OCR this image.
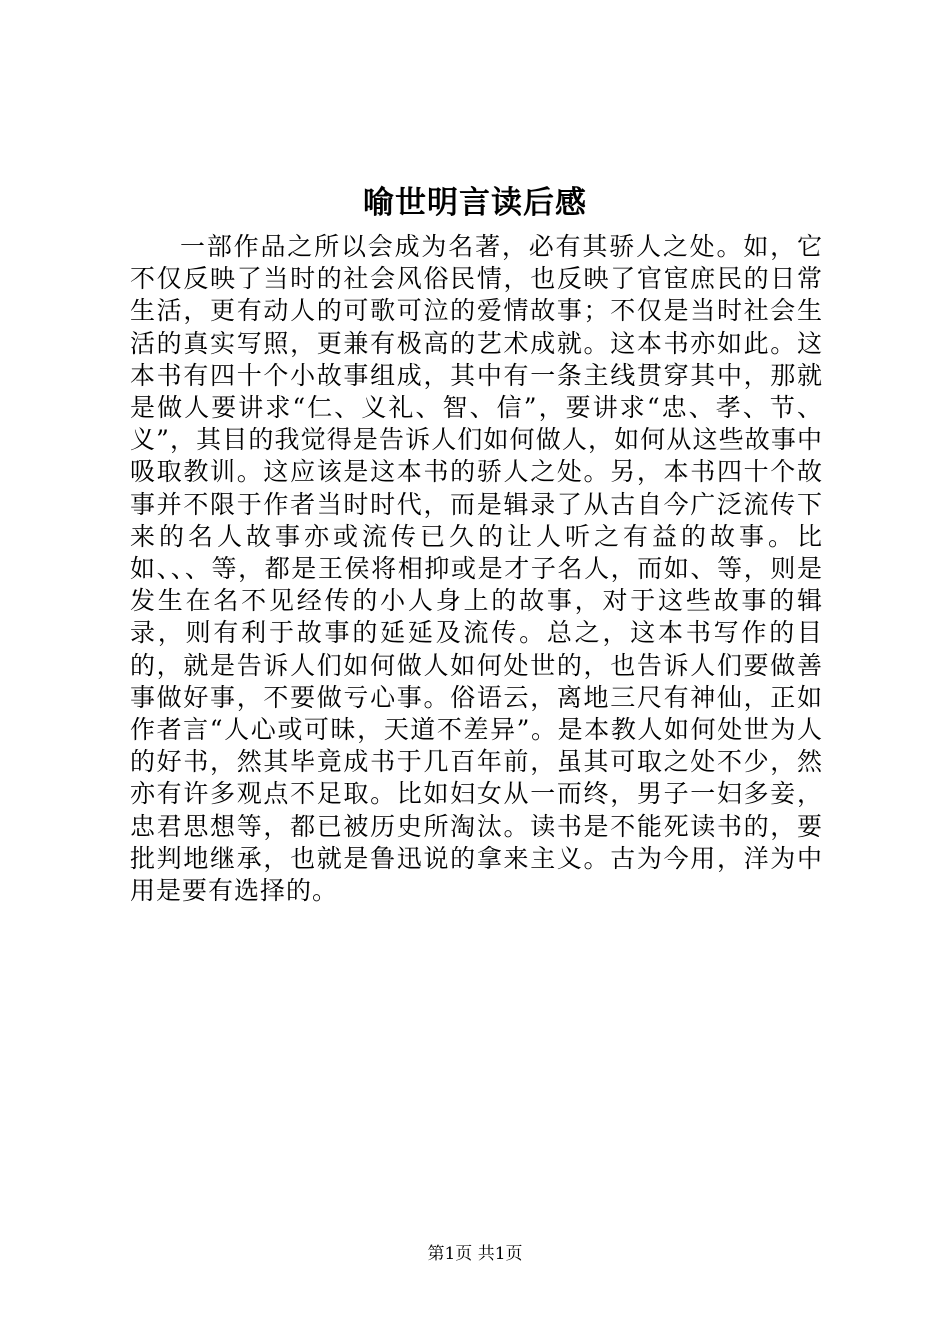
喻世明言读后感
一部作品之所以会成为名著，必有其骄人之处。如，它不仅反映了当时的社会风俗民情，也反映了官宦庶民的日常生活，更有动人的可歌可泣的爱情故事；不仅是当时社会生活的真实写照，更兼有极高的艺术成就。这本书亦如此。这本书有四十个小故事组成，其中有一条主线贯穿其中，那就是做人要讲求“仁、义礼、智、信”，要讲求“忠、孝、节、义”，其目的我觉得是告诉人们如何做人，如何从这些故事中吸取教训。这应该是这本书的骄人之处。另，本书四十个故事并不限于作者当时时代，而是辑录了从古自今广泛流传下来的名人故事亦或流传已久的让人听之有益的故事。比如、、、等，都是王侯将相抑或是才子名人，而如、等，则是发生在名不见经传的小人身上的故事，对于这些故事的辑录，则有利于故事的延延及流传。总之，这本书写作的目的，就是告诉人们如何做人如何处世的，也告诉人们要做善事做好事，不要做亏心事。俗语云，离地三尺有神仙，正如作者言“人心或可昧，天道不差异”。是本教人如何处世为人的好书，然其毕竟成书于几百年前，虽其可取之处不少，然亦有许多观点不足取。比如妇女从一而终，男子一妇多妾，忠君思想等，都已被历史所淘汰。读书是不能死读书的，要批判地继承，也就是鲁迅说的拿来主义。古为今用，洋为中用是要有选择的。
第1页 共1页
